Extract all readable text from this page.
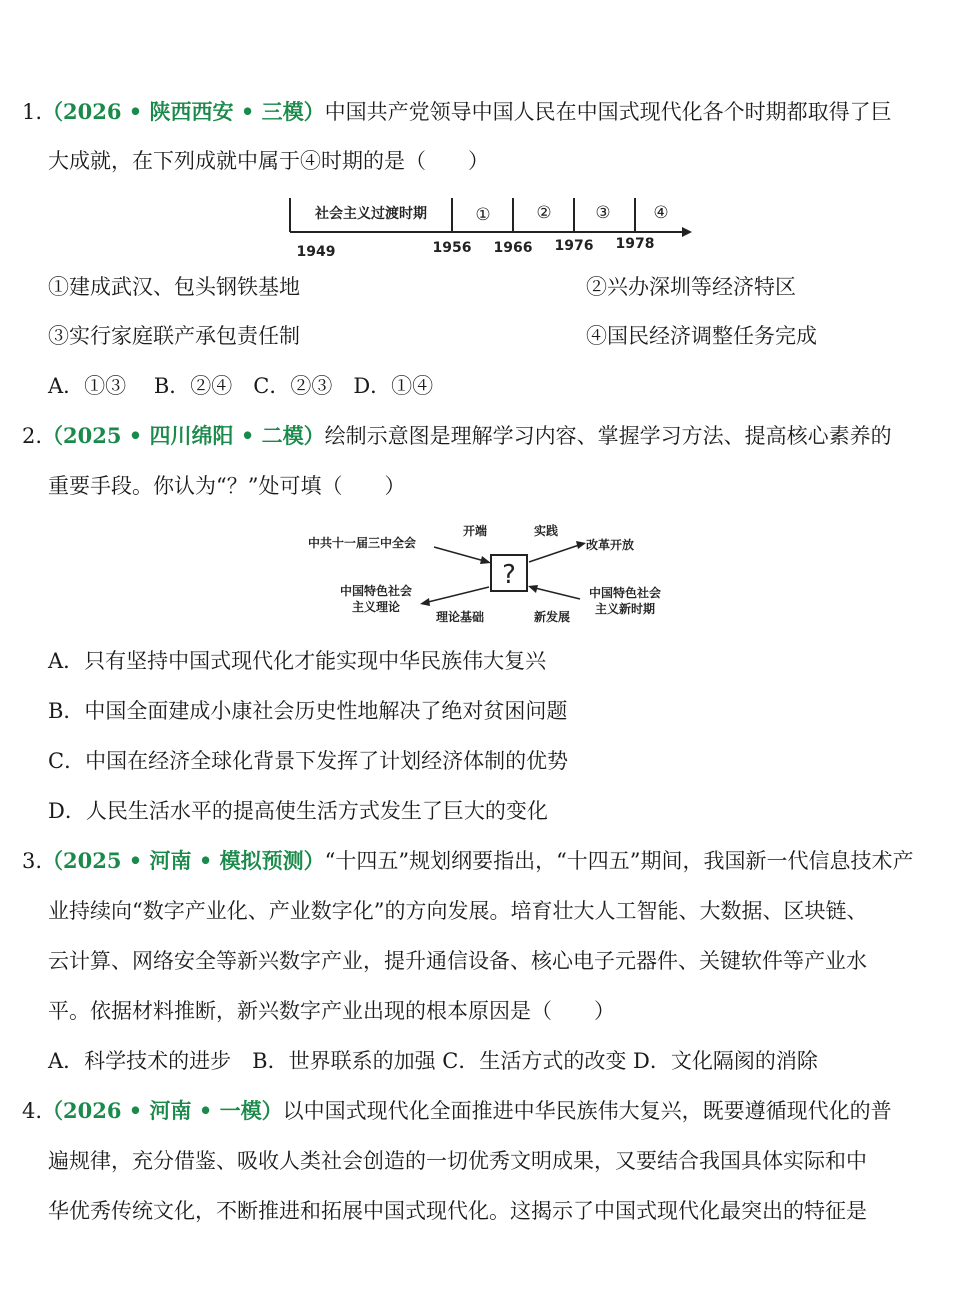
1.（2026 • 陕西西安 • 三模）中国共产党领导中国人民在中国式现代化各个时期都取得了巨
大成就，在下列成就中属于④时期的是（　　）
社会主义过渡时期	①	②	③	④
1949	1956 1966 1976 1978
①建成武汉、包头钢铁基地	②兴办深圳等经济特区
③实行家庭联产承包责任制	④国民经济调整任务完成
A．①③　 B．②④　C．②③　D．①④
2.（2025 • 四川绵阳 • 二模）绘制示意图是理解学习内容、掌握学习方法、提高核心素养的
重要手段。你认为“？”处可填（　　）
?
中共十一届三中全会
中国特色社会
主义理论
改革开放
中国特色社会
主义新时期
开端	实践
理论基础	新发展
A．只有坚持中国式现代化才能实现中华民族伟大复兴
B．中国全面建成小康社会历史性地解决了绝对贫困问题
C．中国在经济全球化背景下发挥了计划经济体制的优势
D．人民生活水平的提高使生活方式发生了巨大的变化
3.（2025 • 河南 • 模拟预测）“十四五”规划纲要指出，“十四五”期间，我国新一代信息技术产
业持续向“数字产业化、产业数字化”的方向发展。培育壮大人工智能、大数据、区块链、
云计算、网络安全等新兴数字产业，提升通信设备、核心电子元器件、关键软件等产业水
平。依据材料推断，新兴数字产业出现的根本原因是（　　）
A．科学技术的进步　B．世界联系的加强 C．生活方式的改变 D．文化隔阂的消除
4.（2026 • 河南 • 一模）以中国式现代化全面推进中华民族伟大复兴，既要遵循现代化的普
遍规律，充分借鉴、吸收人类社会创造的一切优秀文明成果，又要结合我国具体实际和中
华优秀传统文化，不断推进和拓展中国式现代化。这揭示了中国式现代化最突出的特征是
